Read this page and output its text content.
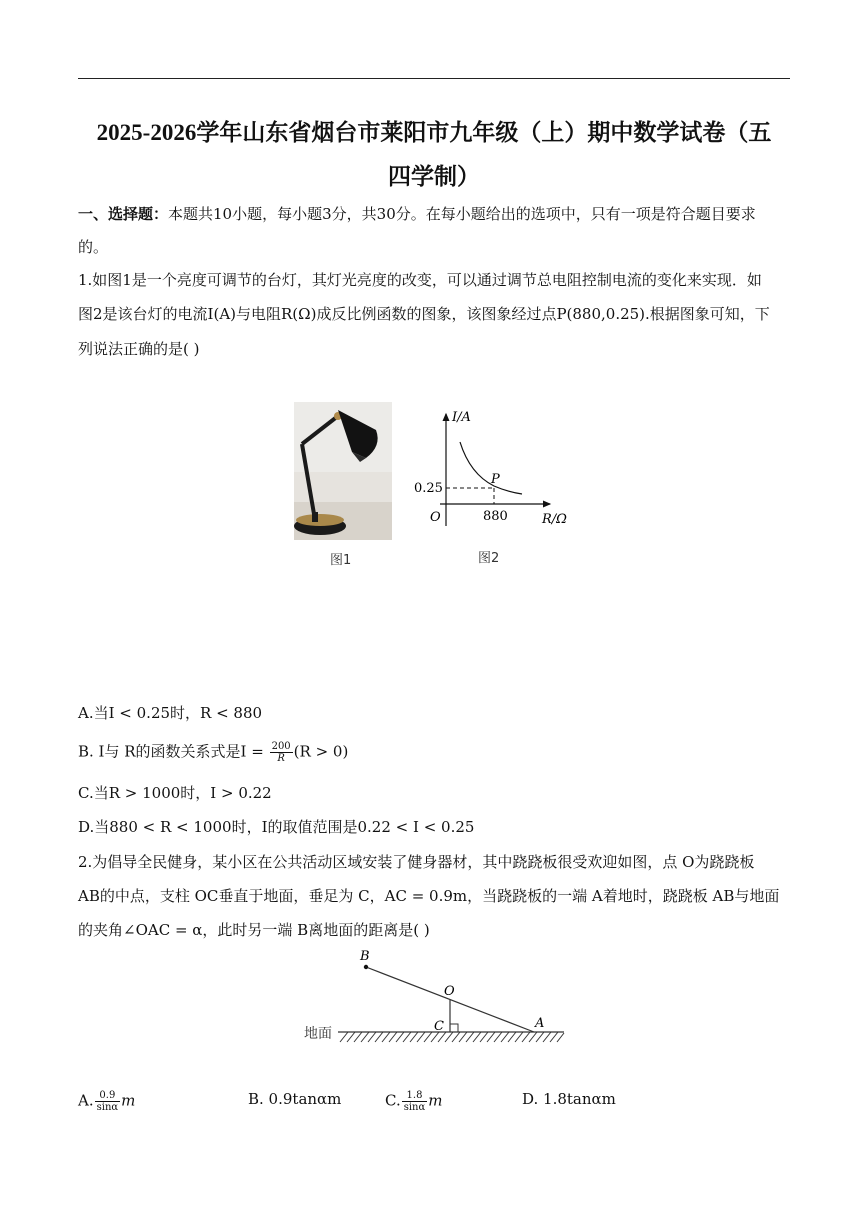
2025-2026学年山东省烟台市莱阳市九年级（上）期中数学试卷（五
四学制）
一、选择题：本题共10小题，每小题3分，共30分。在每小题给出的选项中，只有一项是符合题目要求
的。
1.如图1是一个亮度可调节的台灯，其灯光亮度的改变，可以通过调节总电阻控制电流的变化来实现．如
图2是该台灯的电流I(A)与电阻R(Ω)成反比例函数的图象，该图象经过点P(880,0.25).根据图象可知，下
列说法正确的是( )
图1
I/A
R/Ω
O
0.25
880
P
图2
A.当I < 0.25时，R < 880
B. I与 R的函数关系式是$I = \frac{200}{R} (R > 0)$
C.当R > 1000时，I > 0.22
D.当880 < R < 1000时，I的取值范围是0.22 < I < 0.25
2.为倡导全民健身，某小区在公共活动区域安装了健身器材，其中跷跷板很受欢迎如图，点 O为跷跷板
AB的中点，支柱 OC垂直于地面，垂足为 C，AC = 0.9m，当跷跷板的一端 A着地时，跷跷板 AB与地面
的夹角∠OAC = α，此时另一端 B离地面的距离是( )
地面
B
O
C	A
A. $\frac{0.9}{\sin\alpha}$ m	B. 0.9tanαm	C. $\frac{1.8}{\sin\alpha}$ m	D. 1.8tanαm
